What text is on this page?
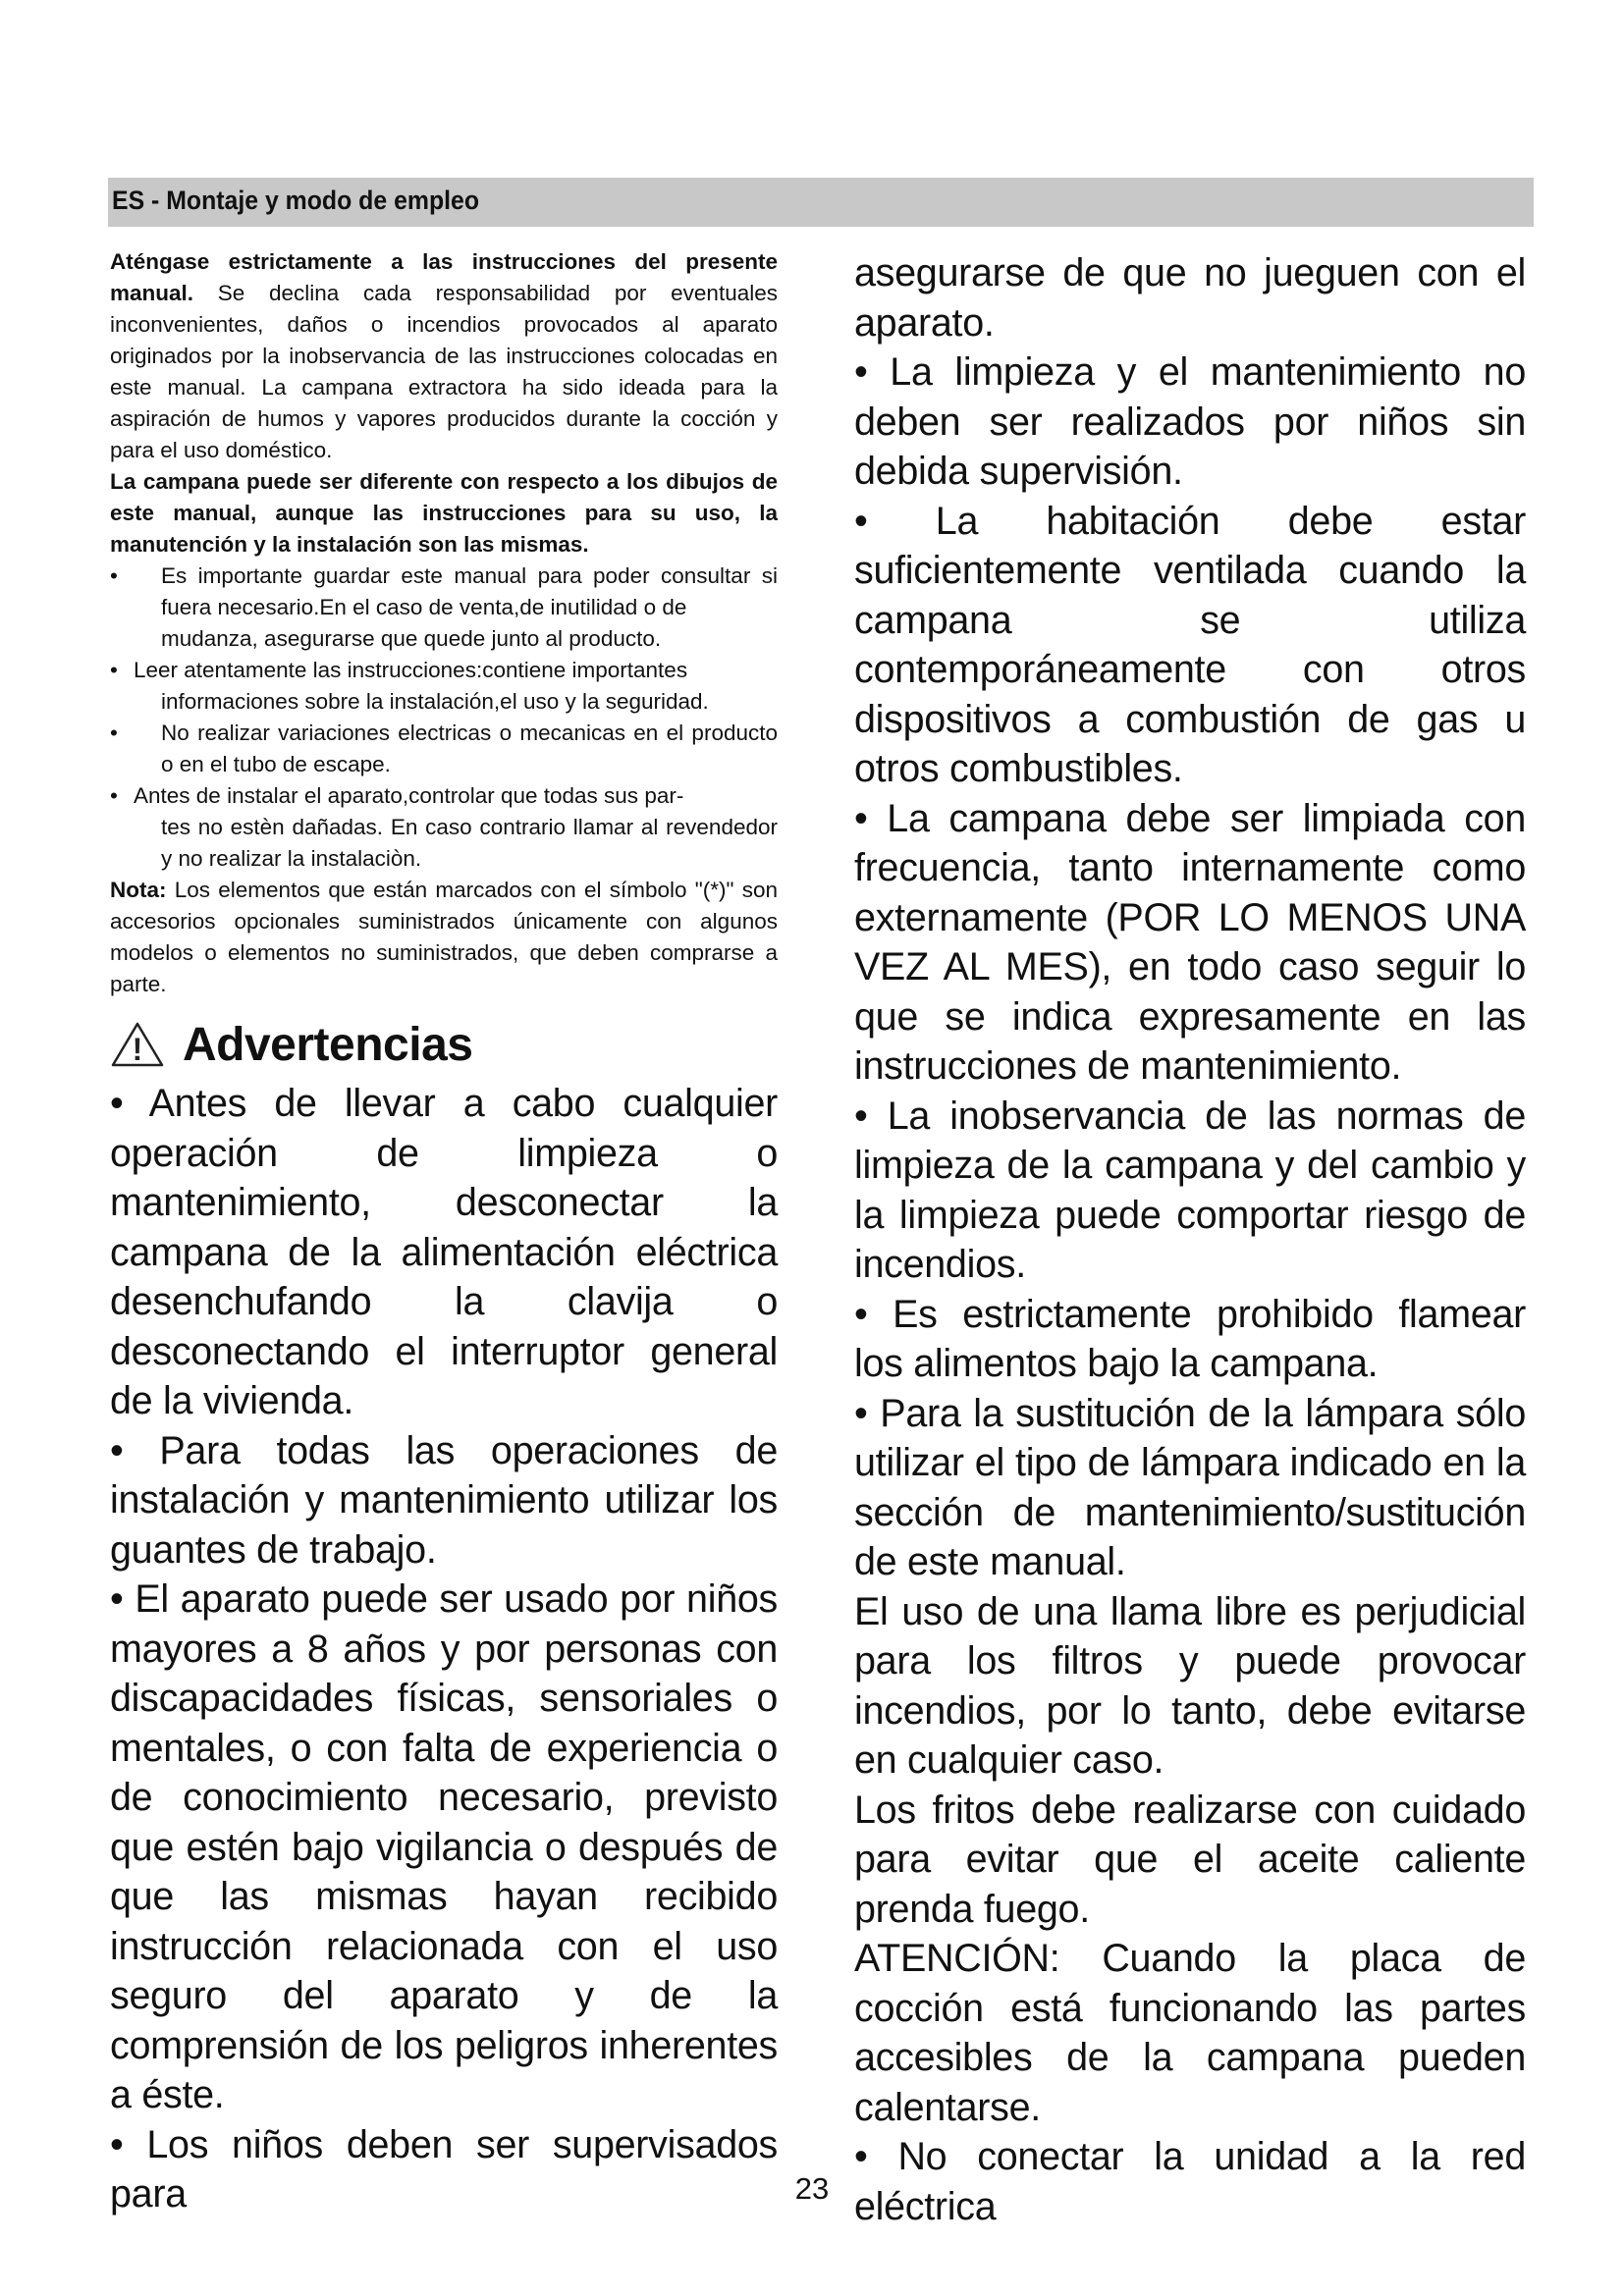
ES - Montaje y modo de empleo

Aténgase estrictamente a las instrucciones del presente manual. Se declina cada responsabilidad por eventuales inconvenientes, daños o incendios provocados al aparato originados por la inobservancia de las instrucciones colocadas en este manual. La campana extractora ha sido ideada para la aspiración de humos y vapores producidos durante la cocción y para el uso doméstico.

La campana puede ser diferente con respecto a los dibujos de este manual, aunque las instrucciones para su uso, la manutención y la instalación son las mismas.

•	Es importante guardar este manual para poder consultar si fuera necesario.En el caso de venta,de inutilidad o de
mudanza, asegurarse que quede junto al producto.
• Leer atentamente las instrucciones:contiene importantes
informaciones sobre la instalación,el uso y la seguridad.
•	No realizar variaciones electricas o mecanicas en el producto o en el tubo de escape.
• Antes de instalar el aparato,controlar que todas sus par-
tes no estèn dañadas. En caso contrario llamar al revendedor y no realizar la instalaciòn.

Nota: Los elementos que están marcados con el símbolo "(*)" son accesorios opcionales suministrados únicamente con algunos modelos o elementos no suministrados, que deben comprarse a parte.

! Advertencias

• Antes de llevar a cabo cualquier operación de limpieza o mantenimiento, desconectar la campana de la alimentación eléctrica desenchufando la clavija o desconectando el interruptor general de la vivienda.

• Para todas las operaciones de instalación y mantenimiento utilizar los guantes de trabajo.

• El aparato puede ser usado por niños mayores a 8 años y por personas con discapacidades físicas, sensoriales o mentales, o con falta de experiencia o de conocimiento necesario, previsto que estén bajo vigilancia o después de que las mismas hayan recibido instrucción relacionada con el uso seguro del aparato y de la comprensión de los peligros inherentes a éste.

• Los niños deben ser supervisados para

asegurarse de que no jueguen con el aparato.

• La limpieza y el mantenimiento no deben ser realizados por niños sin debida supervisión.

• La habitación debe estar suficientemente ventilada cuando la campana se utiliza contemporáneamente con otros dispositivos a combustión de gas u otros combustibles.

• La campana debe ser limpiada con frecuencia, tanto internamente como externamente (POR LO MENOS UNA VEZ AL MES), en todo caso seguir lo que se indica expresamente en las instrucciones de mantenimiento.

• La inobservancia de las normas de limpieza de la campana y del cambio y la limpieza puede comportar riesgo de incendios.

• Es estrictamente prohibido flamear los alimentos bajo la campana.

• Para la sustitución de la lámpara sólo utilizar el tipo de lámpara indicado en la sección de mantenimiento/sustitución de este manual.

El uso de una llama libre es perjudicial para los filtros y puede provocar incendios, por lo tanto, debe evitarse en cualquier caso.

Los fritos debe realizarse con cuidado para evitar que el aceite caliente prenda fuego.

ATENCIÓN: Cuando la placa de cocción está funcionando las partes accesibles de la campana pueden calentarse.

• No conectar la unidad a la red eléctrica

23
